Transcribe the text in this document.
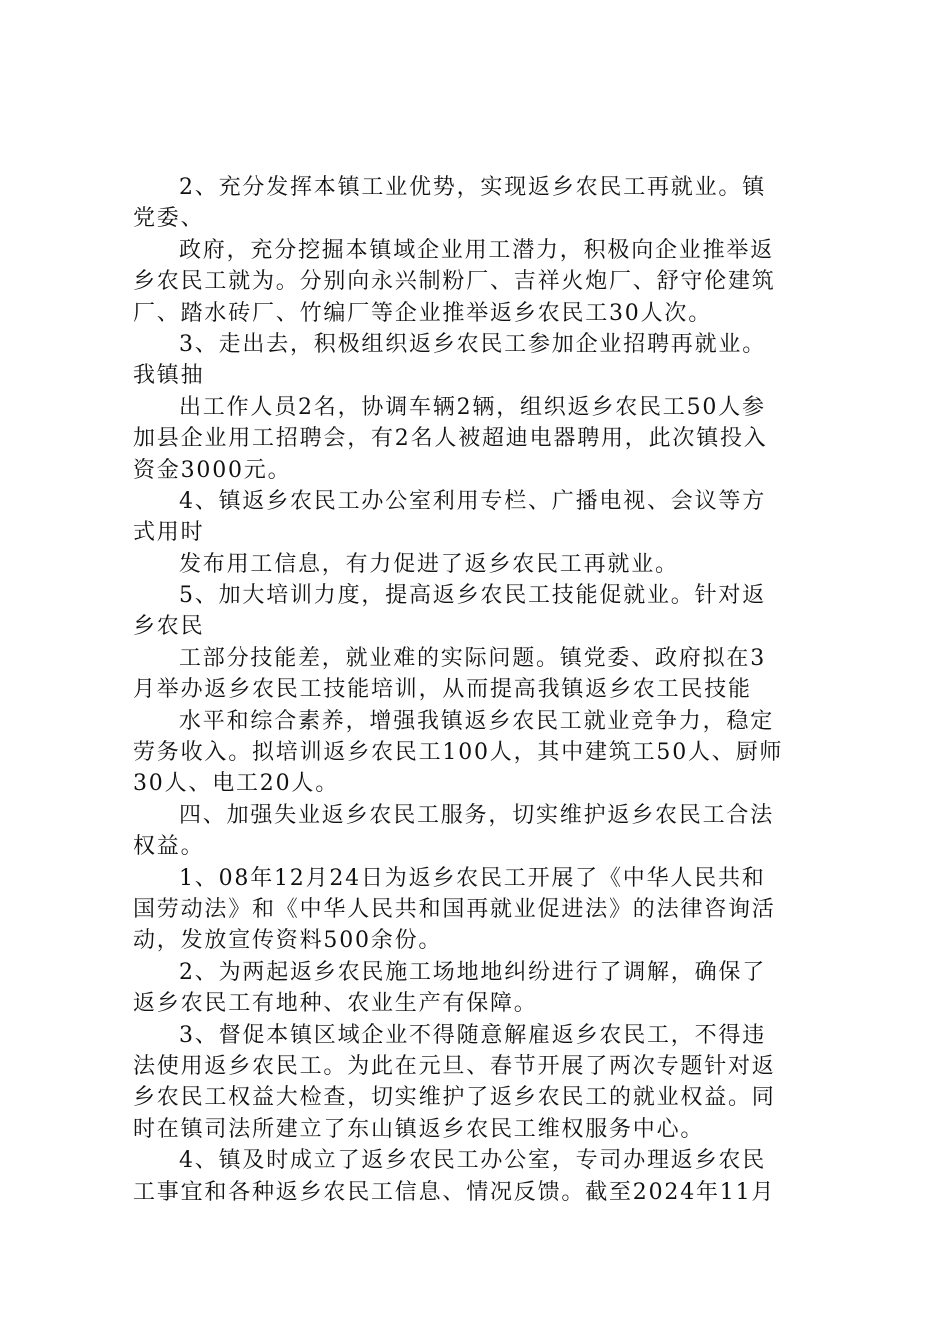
2、充分发挥本镇工业优势，实现返乡农民工再就业。镇
党委、
政府，充分挖掘本镇域企业用工潜力，积极向企业推举返
乡农民工就为。分别向永兴制粉厂、吉祥火炮厂、舒守伦建筑
厂、踏水砖厂、竹编厂等企业推举返乡农民工30人次。
3、走出去，积极组织返乡农民工参加企业招聘再就业。
我镇抽
出工作人员2名，协调车辆2辆，组织返乡农民工50人参
加县企业用工招聘会，有2名人被超迪电器聘用，此次镇投入
资金3000元。
4、镇返乡农民工办公室利用专栏、广播电视、会议等方
式用时
发布用工信息，有力促进了返乡农民工再就业。
5、加大培训力度，提高返乡农民工技能促就业。针对返
乡农民
工部分技能差，就业难的实际问题。镇党委、政府拟在3
月举办返乡农民工技能培训，从而提高我镇返乡农工民技能
水平和综合素养，增强我镇返乡农民工就业竞争力，稳定
劳务收入。拟培训返乡农民工100人，其中建筑工50人、厨师
30人、电工20人。
四、加强失业返乡农民工服务，切实维护返乡农民工合法
权益。
1、08年12月24日为返乡农民工开展了《中华人民共和
国劳动法》和《中华人民共和国再就业促进法》的法律咨询活
动，发放宣传资料500余份。
2、为两起返乡农民施工场地地纠纷进行了调解，确保了
返乡农民工有地种、农业生产有保障。
3、督促本镇区域企业不得随意解雇返乡农民工，不得违
法使用返乡农民工。为此在元旦、春节开展了两次专题针对返
乡农民工权益大检查，切实维护了返乡农民工的就业权益。同
时在镇司法所建立了东山镇返乡农民工维权服务中心。
4、镇及时成立了返乡农民工办公室，专司办理返乡农民
工事宜和各种返乡农民工信息、情况反馈。截至2024年11月
